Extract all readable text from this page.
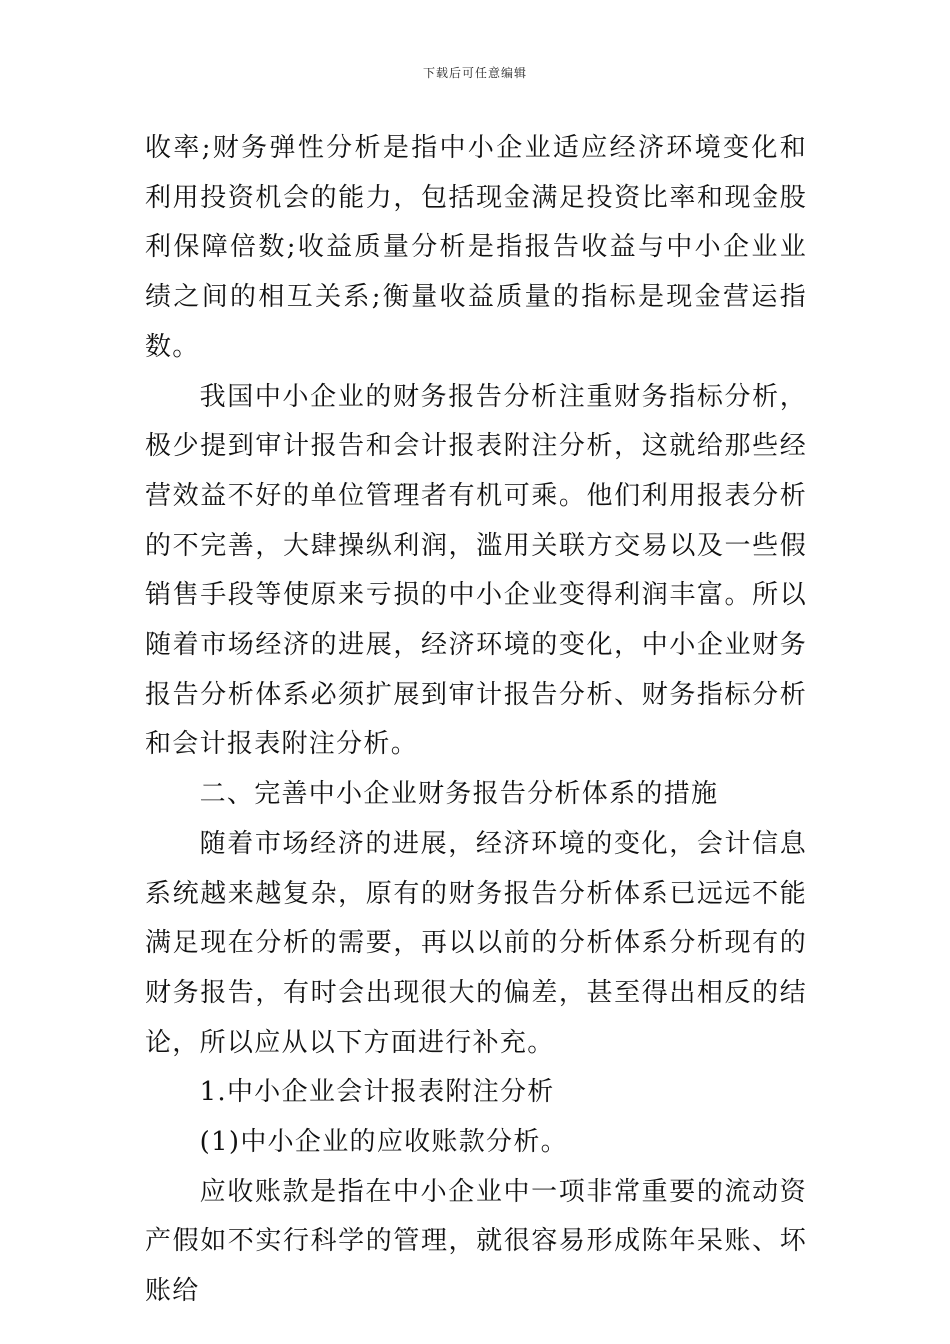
下载后可任意编辑

收率;财务弹性分析是指中小企业适应经济环境变化和利用投资机会的能力，包括现金满足投资比率和现金股利保障倍数;收益质量分析是指报告收益与中小企业业绩之间的相互关系;衡量收益质量的指标是现金营运指数。

我国中小企业的财务报告分析注重财务指标分析，极少提到审计报告和会计报表附注分析，这就给那些经营效益不好的单位管理者有机可乘。他们利用报表分析的不完善，大肆操纵利润，滥用关联方交易以及一些假销售手段等使原来亏损的中小企业变得利润丰富。所以随着市场经济的进展，经济环境的变化，中小企业财务报告分析体系必须扩展到审计报告分析、财务指标分析和会计报表附注分析。

二、完善中小企业财务报告分析体系的措施

随着市场经济的进展，经济环境的变化，会计信息系统越来越复杂，原有的财务报告分析体系已远远不能满足现在分析的需要，再以以前的分析体系分析现有的财务报告，有时会出现很大的偏差，甚至得出相反的结论，所以应从以下方面进行补充。

1.中小企业会计报表附注分析

(1)中小企业的应收账款分析。

应收账款是指在中小企业中一项非常重要的流动资产假如不实行科学的管理，就很容易形成陈年呆账、坏账给
